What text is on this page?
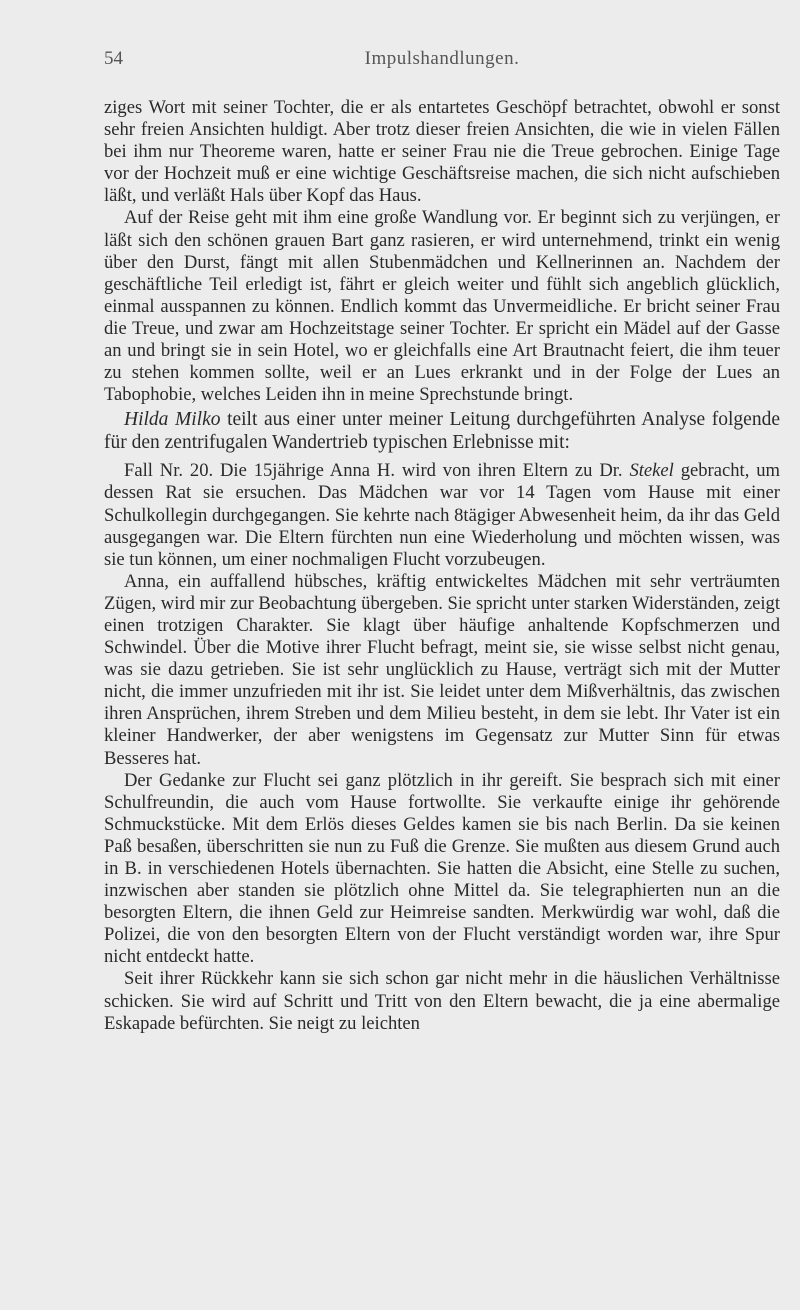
54	Impulshandlungen.

ziges Wort mit seiner Tochter, die er als entartetes Geschöpf betrachtet, obwohl er sonst sehr freien Ansichten huldigt. Aber trotz dieser freien Ansichten, die wie in vielen Fällen bei ihm nur Theoreme waren, hatte er seiner Frau nie die Treue gebrochen. Einige Tage vor der Hochzeit muß er eine wichtige Geschäftsreise machen, die sich nicht aufschieben läßt, und verläßt Hals über Kopf das Haus.

Auf der Reise geht mit ihm eine große Wandlung vor. Er beginnt sich zu verjüngen, er läßt sich den schönen grauen Bart ganz rasieren, er wird unternehmend, trinkt ein wenig über den Durst, fängt mit allen Stubenmädchen und Kellnerinnen an. Nachdem der geschäftliche Teil erledigt ist, fährt er gleich weiter und fühlt sich angeblich glücklich, einmal ausspannen zu können. Endlich kommt das Unvermeidliche. Er bricht seiner Frau die Treue, und zwar am Hochzeitstage seiner Tochter. Er spricht ein Mädel auf der Gasse an und bringt sie in sein Hotel, wo er gleichfalls eine Art Brautnacht feiert, die ihm teuer zu stehen kommen sollte, weil er an Lues erkrankt und in der Folge der Lues an Tabophobie, welches Leiden ihn in meine Sprechstunde bringt.

Hilda Milko teilt aus einer unter meiner Leitung durchgeführten Analyse folgende für den zentrifugalen Wandertrieb typischen Erlebnisse mit:

Fall Nr. 20. Die 15jährige Anna H. wird von ihren Eltern zu Dr. Stekel gebracht, um dessen Rat sie ersuchen. Das Mädchen war vor 14 Tagen vom Hause mit einer Schulkollegin durchgegangen. Sie kehrte nach 8tägiger Abwesenheit heim, da ihr das Geld ausgegangen war. Die Eltern fürchten nun eine Wiederholung und möchten wissen, was sie tun können, um einer nochmaligen Flucht vorzubeugen.

Anna, ein auffallend hübsches, kräftig entwickeltes Mädchen mit sehr verträumten Zügen, wird mir zur Beobachtung übergeben. Sie spricht unter starken Widerständen, zeigt einen trotzigen Charakter. Sie klagt über häufige anhaltende Kopfschmerzen und Schwindel. Über die Motive ihrer Flucht befragt, meint sie, sie wisse selbst nicht genau, was sie dazu getrieben. Sie ist sehr unglücklich zu Hause, verträgt sich mit der Mutter nicht, die immer unzufrieden mit ihr ist. Sie leidet unter dem Mißverhältnis, das zwischen ihren Ansprüchen, ihrem Streben und dem Milieu besteht, in dem sie lebt. Ihr Vater ist ein kleiner Handwerker, der aber wenigstens im Gegensatz zur Mutter Sinn für etwas Besseres hat.

Der Gedanke zur Flucht sei ganz plötzlich in ihr gereift. Sie besprach sich mit einer Schulfreundin, die auch vom Hause fortwollte. Sie verkaufte einige ihr gehörende Schmuckstücke. Mit dem Erlös dieses Geldes kamen sie bis nach Berlin. Da sie keinen Paß besaßen, überschritten sie nun zu Fuß die Grenze. Sie mußten aus diesem Grund auch in B. in verschiedenen Hotels übernachten. Sie hatten die Absicht, eine Stelle zu suchen, inzwischen aber standen sie plötzlich ohne Mittel da. Sie telegraphierten nun an die besorgten Eltern, die ihnen Geld zur Heimreise sandten. Merkwürdig war wohl, daß die Polizei, die von den besorgten Eltern von der Flucht verständigt worden war, ihre Spur nicht entdeckt hatte.

Seit ihrer Rückkehr kann sie sich schon gar nicht mehr in die häuslichen Verhältnisse schicken. Sie wird auf Schritt und Tritt von den Eltern bewacht, die ja eine abermalige Eskapade befürchten. Sie neigt zu leichten
